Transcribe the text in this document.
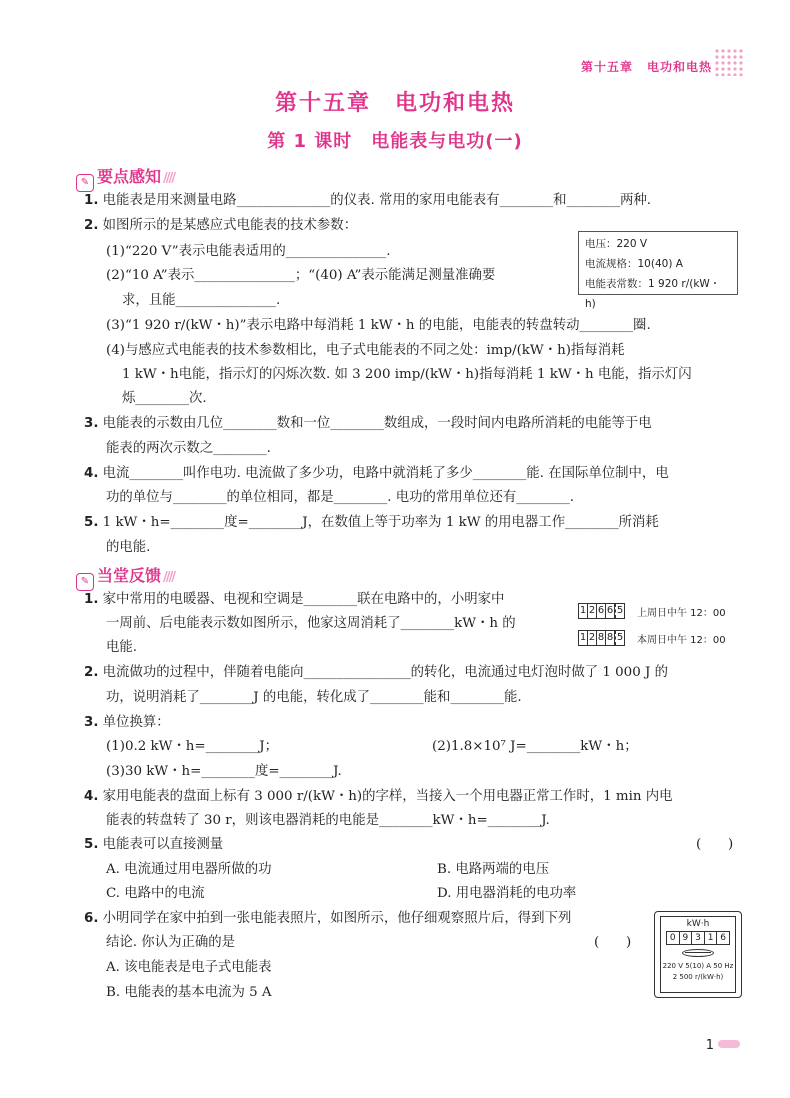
第十五章 电功和电热
第十五章　电功和电热
第 1 课时　电能表与电功(一)
✎ 要点感知 ////
1. 电能表是用来测量电路______________的仪表. 常用的家用电能表有________和________两种.
2. 如图所示的是某感应式电能表的技术参数：
(1)“220 V”表示电能表适用的_______________.
(2)“10 A”表示_______________；“(40) A”表示能满足测量准确要
求，且能_______________.
(3)“1 920 r/(kW・h)”表示电路中每消耗 1 kW・h 的电能，电能表的转盘转动________圈.
(4)与感应式电能表的技术参数相比，电子式电能表的不同之处：imp/(kW・h)指每消耗
1 kW・h电能，指示灯的闪烁次数. 如 3 200 imp/(kW・h)指每消耗 1 kW・h 电能，指示灯闪
烁________次.
电压：220 V
电流规格：10(40) A
电能表常数：1 920 r/(kW・h)
3. 电能表的示数由几位________数和一位________数组成，一段时间内电路所消耗的电能等于电
能表的两次示数之________.
4. 电流________叫作电功. 电流做了多少功，电路中就消耗了多少________能. 在国际单位制中，电
功的单位与________的单位相同，都是________. 电功的常用单位还有________.
5. 1 kW・h=________度=________J，在数值上等于功率为 1 kW 的用电器工作________所消耗
的电能.
✎ 当堂反馈 ////
1. 家中常用的电暖器、电视和空调是________联在电路中的，小明家中
一周前、后电能表示数如图所示，他家这周消耗了________kW・h 的
电能.
1 2 6 6 5 上周日中午 12：00
1 2 8 8 5 本周日中午 12：00
2. 电流做功的过程中，伴随着电能向________________的转化，电流通过电灯泡时做了 1 000 J 的
功，说明消耗了________J 的电能，转化成了________能和________能.
3. 单位换算：
(1)0.2 kW・h=________J；	(2)1.8×10⁷ J=________kW・h；
(3)30 kW・h=________度=________J.
4. 家用电能表的盘面上标有 3 000 r/(kW・h)的字样，当接入一个用电器正常工作时，1 min 内电
能表的转盘转了 30 r，则该电器消耗的电能是________kW・h=________J.
5. 电能表可以直接测量	(　　)
A. 电流通过用电器所做的功	B. 电路两端的电压
C. 电路中的电流	D. 用电器消耗的电功率
6. 小明同学在家中拍到一张电能表照片，如图所示，他仔细观察照片后，得到下列
结论. 你认为正确的是	(　　)
A. 该电能表是电子式电能表
B. 电能表的基本电流为 5 A
kW·h
0 9 3 1 6
220 V 5(10) A 50 Hz
2 500 r/(kW·h)
1
